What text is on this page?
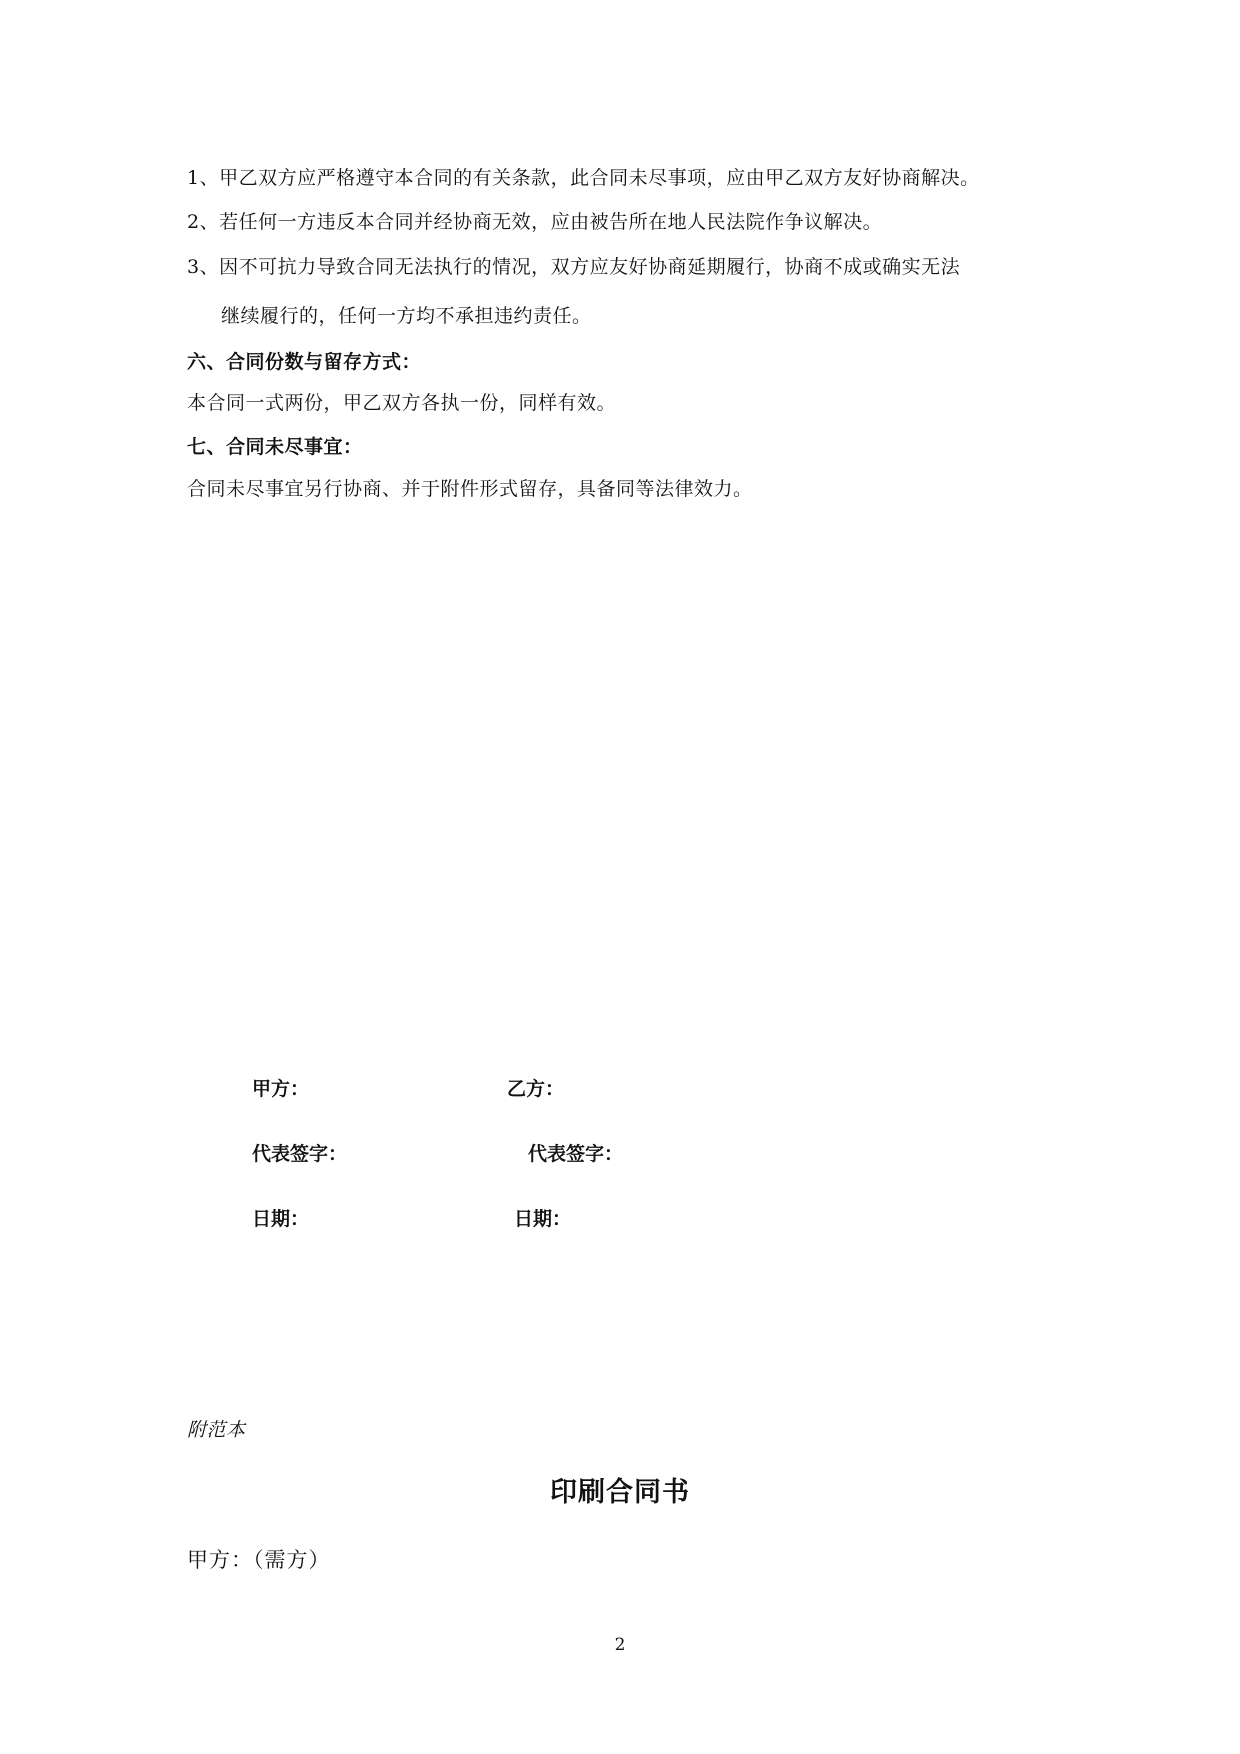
1、甲乙双方应严格遵守本合同的有关条款，此合同未尽事项，应由甲乙双方友好协商解决。
2、若任何一方违反本合同并经协商无效，应由被告所在地人民法院作争议解决。
3、因不可抗力导致合同无法执行的情况，双方应友好协商延期履行，协商不成或确实无法
继续履行的，任何一方均不承担违约责任。
六、合同份数与留存方式：
本合同一式两份，甲乙双方各执一份，同样有效。
七、合同未尽事宜：
合同未尽事宜另行协商、并于附件形式留存，具备同等法律效力。
甲方：	乙方：
代表签字：	代表签字：
日期：	日期：
附范本
印刷合同书
甲方：（需方）
2
